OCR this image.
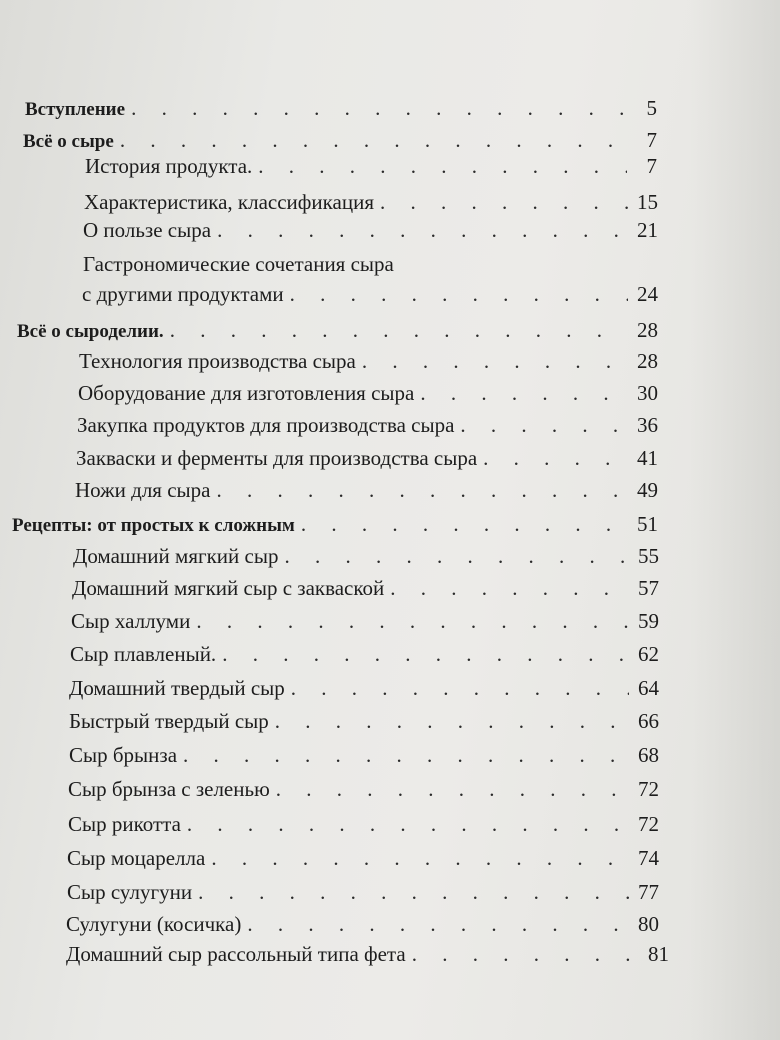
Вступление . . .	5
Всё о сыре . . .	7
История продукта. . . .	7
Характеристика, классификация . . .	15
О пользе сыра . . .	21
Гастрономические сочетания сыра
с другими продуктами . . .	24
Всё о сыроделии. . . .	28
Технология производства сыра . . .	28
Оборудование для изготовления сыра . . .	30
Закупка продуктов для производства сыра . . .	36
Закваски и ферменты для производства сыра . . .	41
Ножи для сыра . . .	49
Рецепты: от простых к сложным . . .	51
Домашний мягкий сыр . . .	55
Домашний мягкий сыр с закваской . . .	57
Сыр халлуми . . .	59
Сыр плавленый. . . .	62
Домашний твердый сыр . . .	64
Быстрый твердый сыр . . .	66
Сыр брынза . . .	68
Сыр брынза с зеленью . . .	72
Сыр рикотта . . .	72
Сыр моцарелла . . .	74
Сыр сулугуни . . .	77
Сулугуни (косичка) . . .	80
Домашний сыр рассольный типа фета . . .	81
